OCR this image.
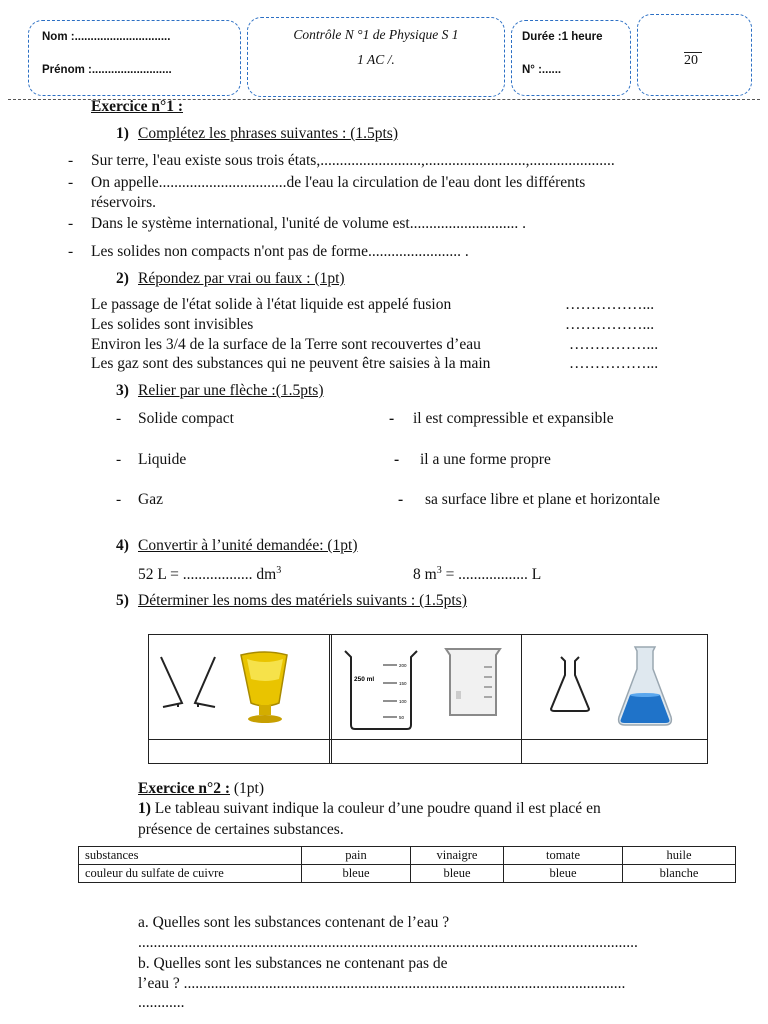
Nom :..............................
Prénom :.........................
Contrôle N °1 de Physique S 1
1 AC /.
Durée :1 heure
N° :......
20
Exercice n°1 :
1) Complétez les phrases suivantes : (1.5pts)
- Sur terre, l'eau existe sous trois états,..........................,..........................,......................
- On appelle.................................de l'eau la circulation de l'eau dont les différents
réservoirs.
- Dans le système international, l'unité de volume est............................ .
- Les solides non compacts n'ont pas de forme........................ .
2) Répondez par vrai ou faux : (1pt)
Le passage de l'état solide à l'état liquide est appelé fusion	……………...
Les solides sont invisibles	……………...
Environ les 3/4 de la surface de la Terre sont recouvertes d’eau	……………...
Les gaz sont des substances qui ne peuvent être saisies à la main	……………...
3) Relier par une flèche :(1.5pts)
- Solide compact	- il est compressible et expansible
- Liquide	- il a une forme propre
- Gaz	- sa surface libre et plane et horizontale
4) Convertir à l’unité demandée: (1pt)
52 L = .................. $dm^3$	8 $m^3$ = .................. L
5) Déterminer les noms des matériels suivants : (1.5pts)
250 ml
200
150
100
50
Exercice n°2 : (1pt)
1) Le tableau suivant indique la couleur d’une poudre quand il est placé en
présence de certaines substances.
substances	pain	vinaigre	tomate	huile
couleur du sulfate de cuivre	bleue	bleue	bleue	blanche
a. Quelles sont les substances contenant de l’eau ?
.................................................................................................................................
b. Quelles sont les substances ne contenant pas de
l’eau ? ..................................................................................................................
............
